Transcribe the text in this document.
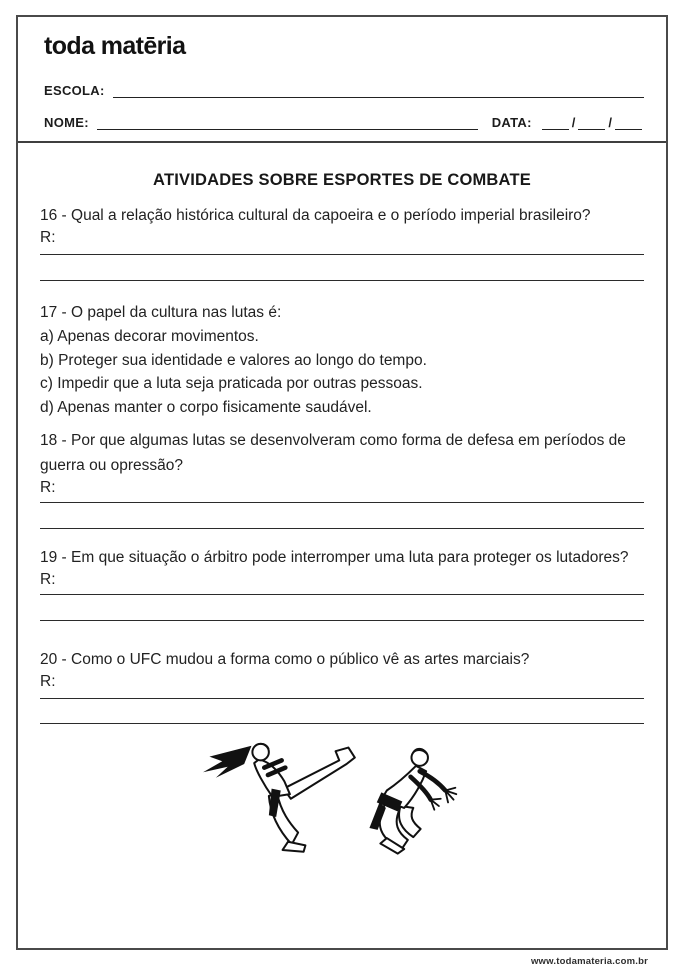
toda matēria
ESCOLA:
NOME:	DATA:	/	/
ATIVIDADES SOBRE ESPORTES DE COMBATE

16 - Qual a relação histórica cultural da capoeira e o período imperial brasileiro?

R:

17 - O papel da cultura nas lutas é:

a) Apenas decorar movimentos.

b) Proteger sua identidade e valores ao longo do tempo.

c) Impedir que a luta seja praticada por outras pessoas.

d) Apenas manter o corpo fisicamente saudável.

18 - Por que algumas lutas se desenvolveram como forma de defesa em períodos de guerra ou opressão?

R:

19 - Em que situação o árbitro pode interromper uma luta para proteger os lutadores?

R:

20 - Como o UFC mudou a forma como o público vê as artes marciais?

R:
www.todamateria.com.br
